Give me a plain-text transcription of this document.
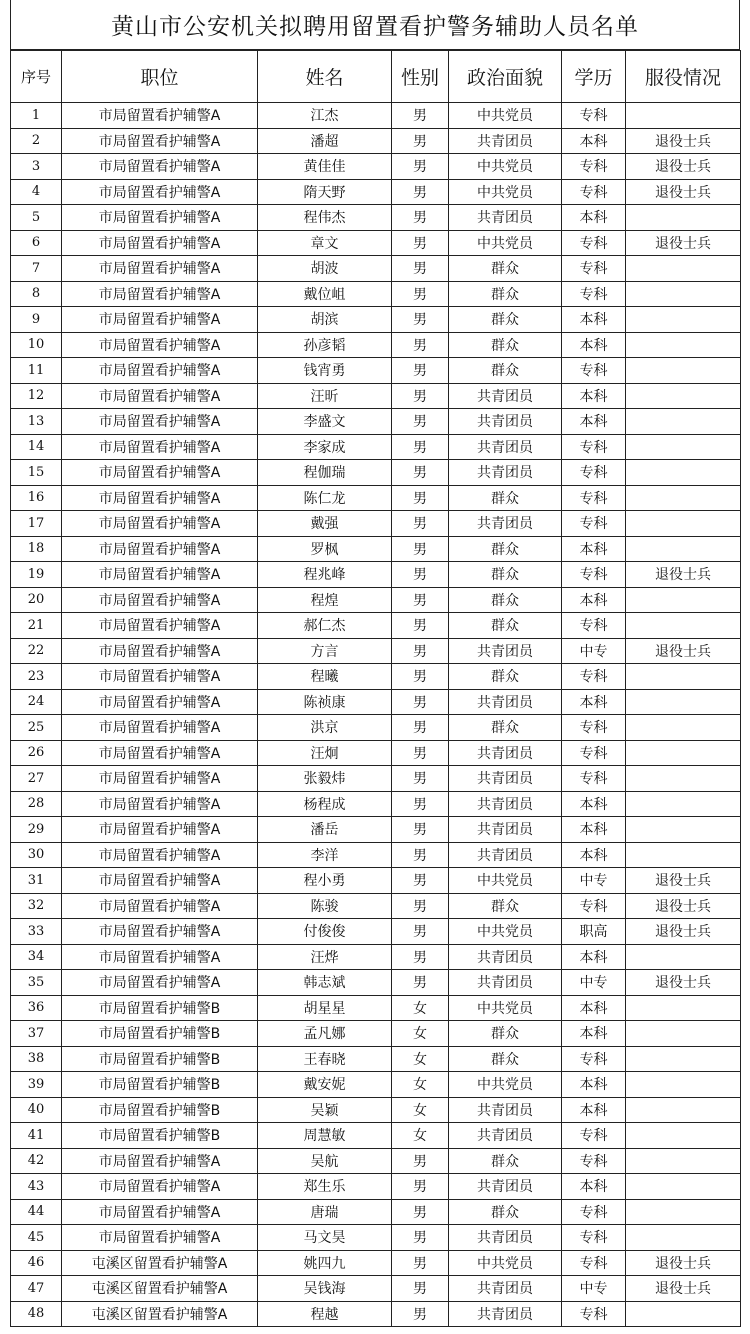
黄山市公安机关拟聘用留置看护警务辅助人员名单
序号	职位	姓名	性别	政治面貌	学历	服役情况
1	市局留置看护辅警A	江杰	男	中共党员	专科	
2	市局留置看护辅警A	潘超	男	共青团员	本科	退役士兵
3	市局留置看护辅警A	黄佳佳	男	中共党员	专科	退役士兵
4	市局留置看护辅警A	隋天野	男	中共党员	专科	退役士兵
5	市局留置看护辅警A	程伟杰	男	共青团员	本科	
6	市局留置看护辅警A	章文	男	中共党员	专科	退役士兵
7	市局留置看护辅警A	胡波	男	群众	专科	
8	市局留置看护辅警A	戴位岨	男	群众	专科	
9	市局留置看护辅警A	胡滨	男	群众	本科	
10	市局留置看护辅警A	孙彦韬	男	群众	本科	
11	市局留置看护辅警A	钱宵勇	男	群众	专科	
12	市局留置看护辅警A	汪昕	男	共青团员	本科	
13	市局留置看护辅警A	李盛文	男	共青团员	本科	
14	市局留置看护辅警A	李家成	男	共青团员	专科	
15	市局留置看护辅警A	程伽瑞	男	共青团员	专科	
16	市局留置看护辅警A	陈仁龙	男	群众	专科	
17	市局留置看护辅警A	戴强	男	共青团员	专科	
18	市局留置看护辅警A	罗枫	男	群众	本科	
19	市局留置看护辅警A	程兆峰	男	群众	专科	退役士兵
20	市局留置看护辅警A	程煌	男	群众	本科	
21	市局留置看护辅警A	郝仁杰	男	群众	专科	
22	市局留置看护辅警A	方言	男	共青团员	中专	退役士兵
23	市局留置看护辅警A	程曦	男	群众	专科	
24	市局留置看护辅警A	陈祯康	男	共青团员	本科	
25	市局留置看护辅警A	洪京	男	群众	专科	
26	市局留置看护辅警A	汪炯	男	共青团员	专科	
27	市局留置看护辅警A	张毅炜	男	共青团员	专科	
28	市局留置看护辅警A	杨程成	男	共青团员	本科	
29	市局留置看护辅警A	潘岳	男	共青团员	本科	
30	市局留置看护辅警A	李洋	男	共青团员	本科	
31	市局留置看护辅警A	程小勇	男	中共党员	中专	退役士兵
32	市局留置看护辅警A	陈骏	男	群众	专科	退役士兵
33	市局留置看护辅警A	付俊俊	男	中共党员	职高	退役士兵
34	市局留置看护辅警A	汪烨	男	共青团员	本科	
35	市局留置看护辅警A	韩志斌	男	共青团员	中专	退役士兵
36	市局留置看护辅警B	胡星星	女	中共党员	本科	
37	市局留置看护辅警B	孟凡娜	女	群众	本科	
38	市局留置看护辅警B	王春晓	女	群众	专科	
39	市局留置看护辅警B	戴安妮	女	中共党员	本科	
40	市局留置看护辅警B	吴颖	女	共青团员	本科	
41	市局留置看护辅警B	周慧敏	女	共青团员	专科	
42	市局留置看护辅警A	吴航	男	群众	专科	
43	市局留置看护辅警A	郑生乐	男	共青团员	本科	
44	市局留置看护辅警A	唐瑞	男	群众	专科	
45	市局留置看护辅警A	马文昊	男	共青团员	专科	
46	屯溪区留置看护辅警A	姚四九	男	中共党员	专科	退役士兵
47	屯溪区留置看护辅警A	吴钱海	男	共青团员	中专	退役士兵
48	屯溪区留置看护辅警A	程越	男	共青团员	专科	
